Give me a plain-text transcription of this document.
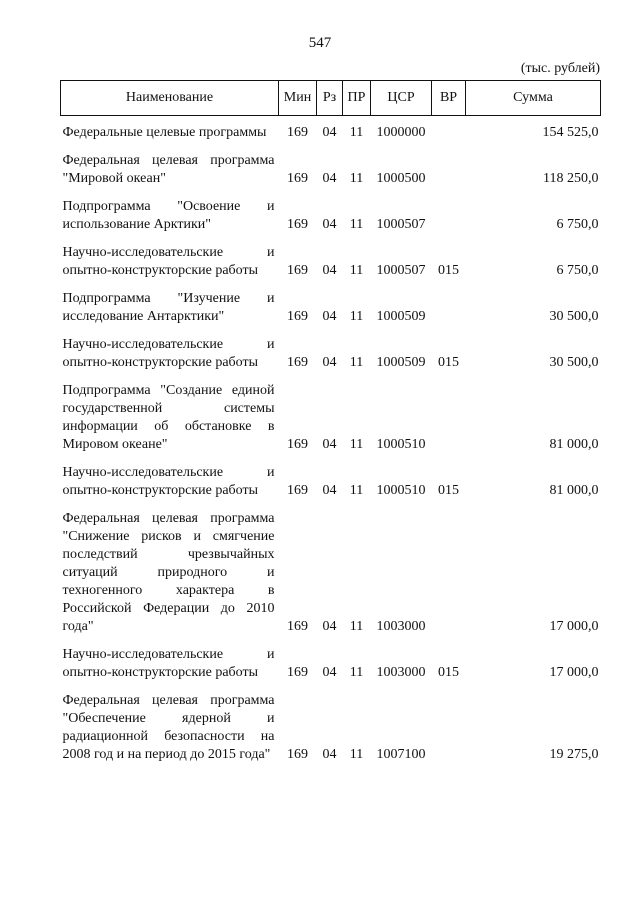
547
(тыс. рублей)
Наименование	Мин	Рз	ПР	ЦСР	ВР	Сумма
Федеральные целевые программы	169	04	11	1000000		154 525,0
Федеральная целевая программа "Мировой океан"	169	04	11	1000500		118 250,0
Подпрограмма "Освоение и использование Арктики"	169	04	11	1000507		6 750,0
Научно-исследовательские и опытно-конструкторские работы	169	04	11	1000507	015	6 750,0
Подпрограмма "Изучение и исследование Антарктики"	169	04	11	1000509		30 500,0
Научно-исследовательские и опытно-конструкторские работы	169	04	11	1000509	015	30 500,0
Подпрограмма "Создание единой государственной системы информации об обстановке в Мировом океане"	169	04	11	1000510		81 000,0
Научно-исследовательские и опытно-конструкторские работы	169	04	11	1000510	015	81 000,0
Федеральная целевая программа "Снижение рисков и смягчение последствий чрезвычайных ситуаций природного и техногенного характера в Российской Федерации до 2010 года"	169	04	11	1003000		17 000,0
Научно-исследовательские и опытно-конструкторские работы	169	04	11	1003000	015	17 000,0
Федеральная целевая программа "Обеспечение ядерной и радиационной безопасности на 2008 год и на период до 2015 года"	169	04	11	1007100		19 275,0
